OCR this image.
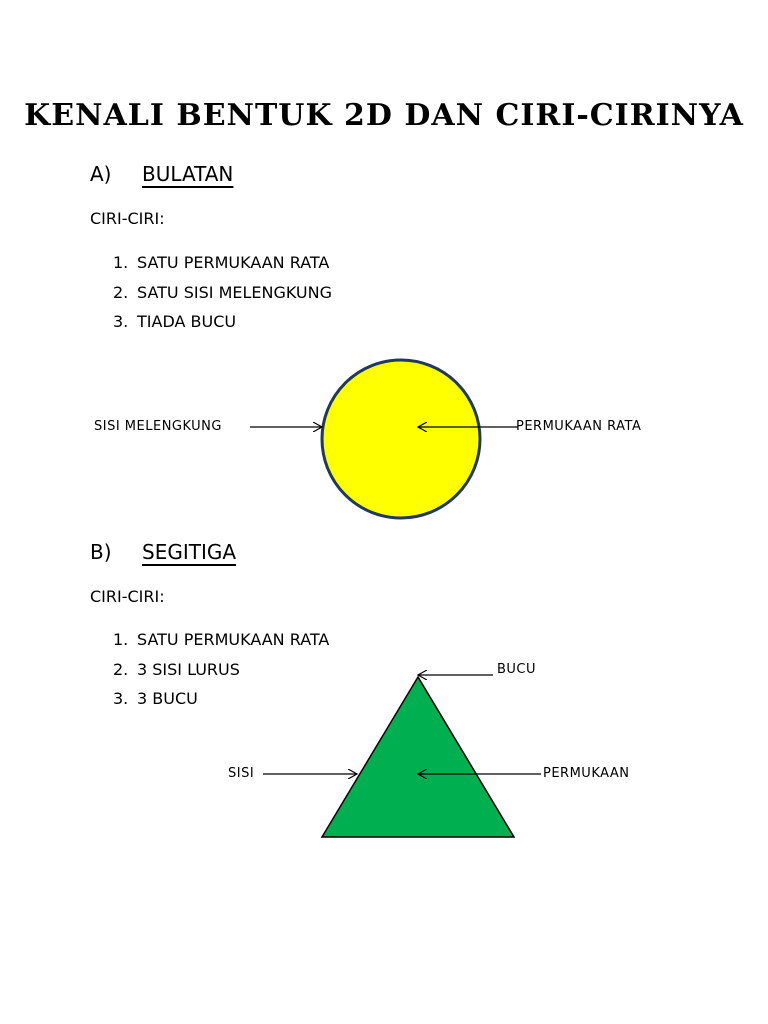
KENALI BENTUK 2D DAN CIRI-CIRINYA
A) BULATAN
CIRI-CIRI:
1. SATU PERMUKAAN RATA
2. SATU SISI MELENGKUNG
3. TIADA BUCU
B) SEGITIGA
CIRI-CIRI:
1. SATU PERMUKAAN RATA
2. 3 SISI LURUS
3. 3 BUCU
SISI MELENGKUNG	PERMUKAAN RATA
BUCU
SISI	PERMUKAAN
